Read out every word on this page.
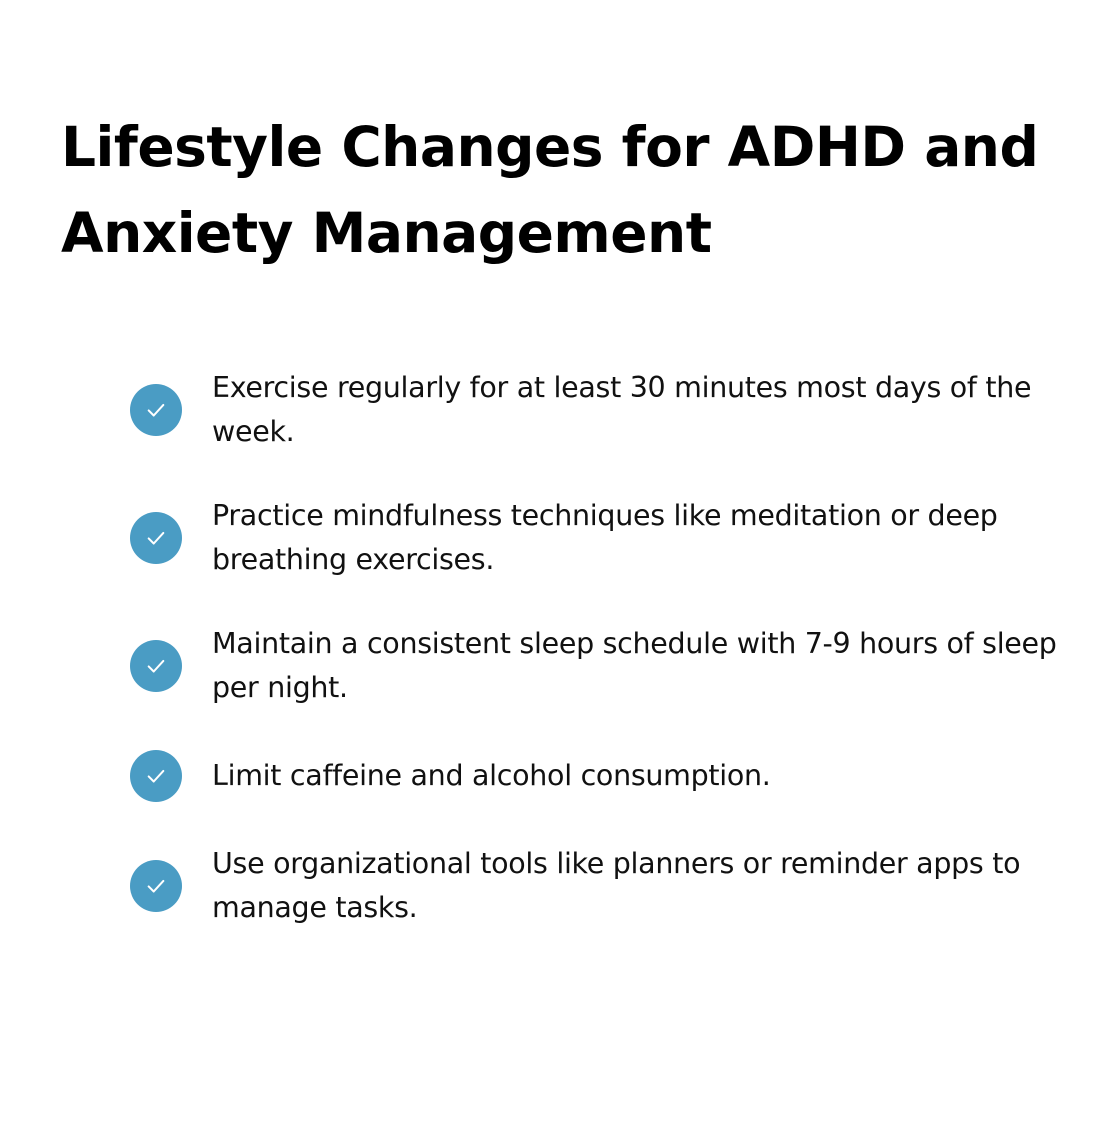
Lifestyle Changes for ADHD and Anxiety Management
Exercise regularly for at least 30 minutes most days of the week.
Practice mindfulness techniques like meditation or deep breathing exercises.
Maintain a consistent sleep schedule with 7-9 hours of sleep per night.
Limit caffeine and alcohol consumption.
Use organizational tools like planners or reminder apps to manage tasks.
